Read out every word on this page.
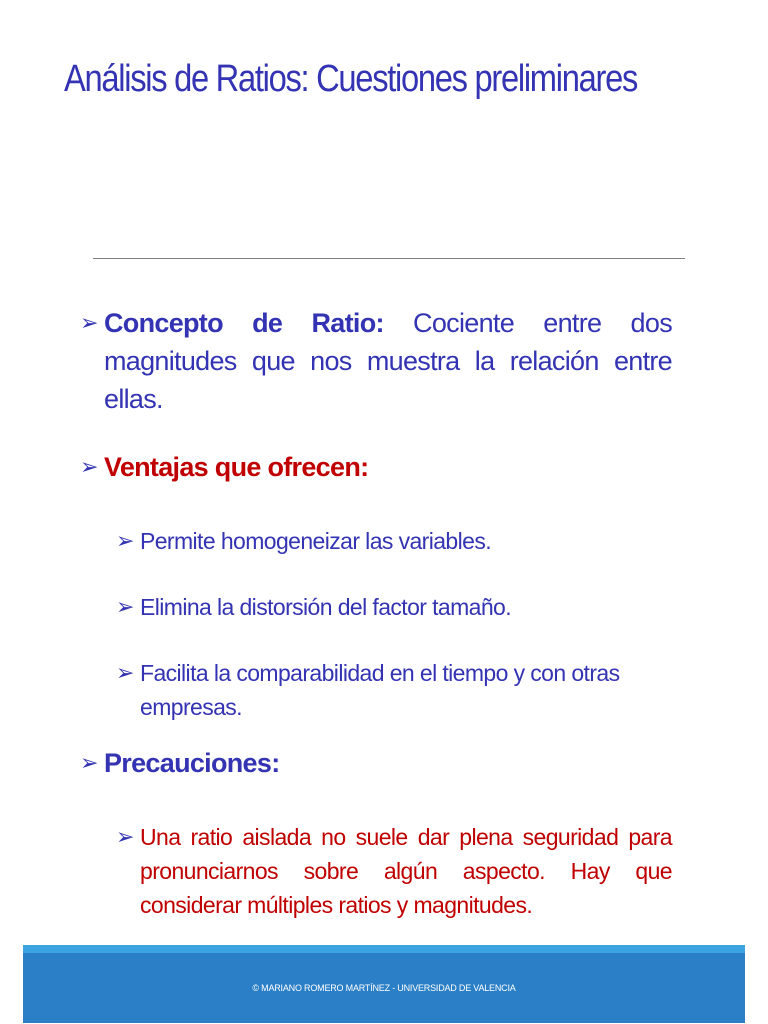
Análisis de Ratios: Cuestiones preliminares
➢ Concepto de Ratio: Cociente entre dos magnitudes que nos muestra la relación entre ellas.
➢ Ventajas que ofrecen:
➢ Permite homogeneizar las variables.
➢ Elimina la distorsión del factor tamaño.
➢ Facilita la comparabilidad en el tiempo y con otras empresas.
➢ Precauciones:
➢ Una ratio aislada no suele dar plena seguridad para pronunciarnos sobre algún aspecto. Hay que considerar múltiples ratios y magnitudes.
© MARIANO ROMERO MARTÍNEZ - UNIVERSIDAD DE VALENCIA
